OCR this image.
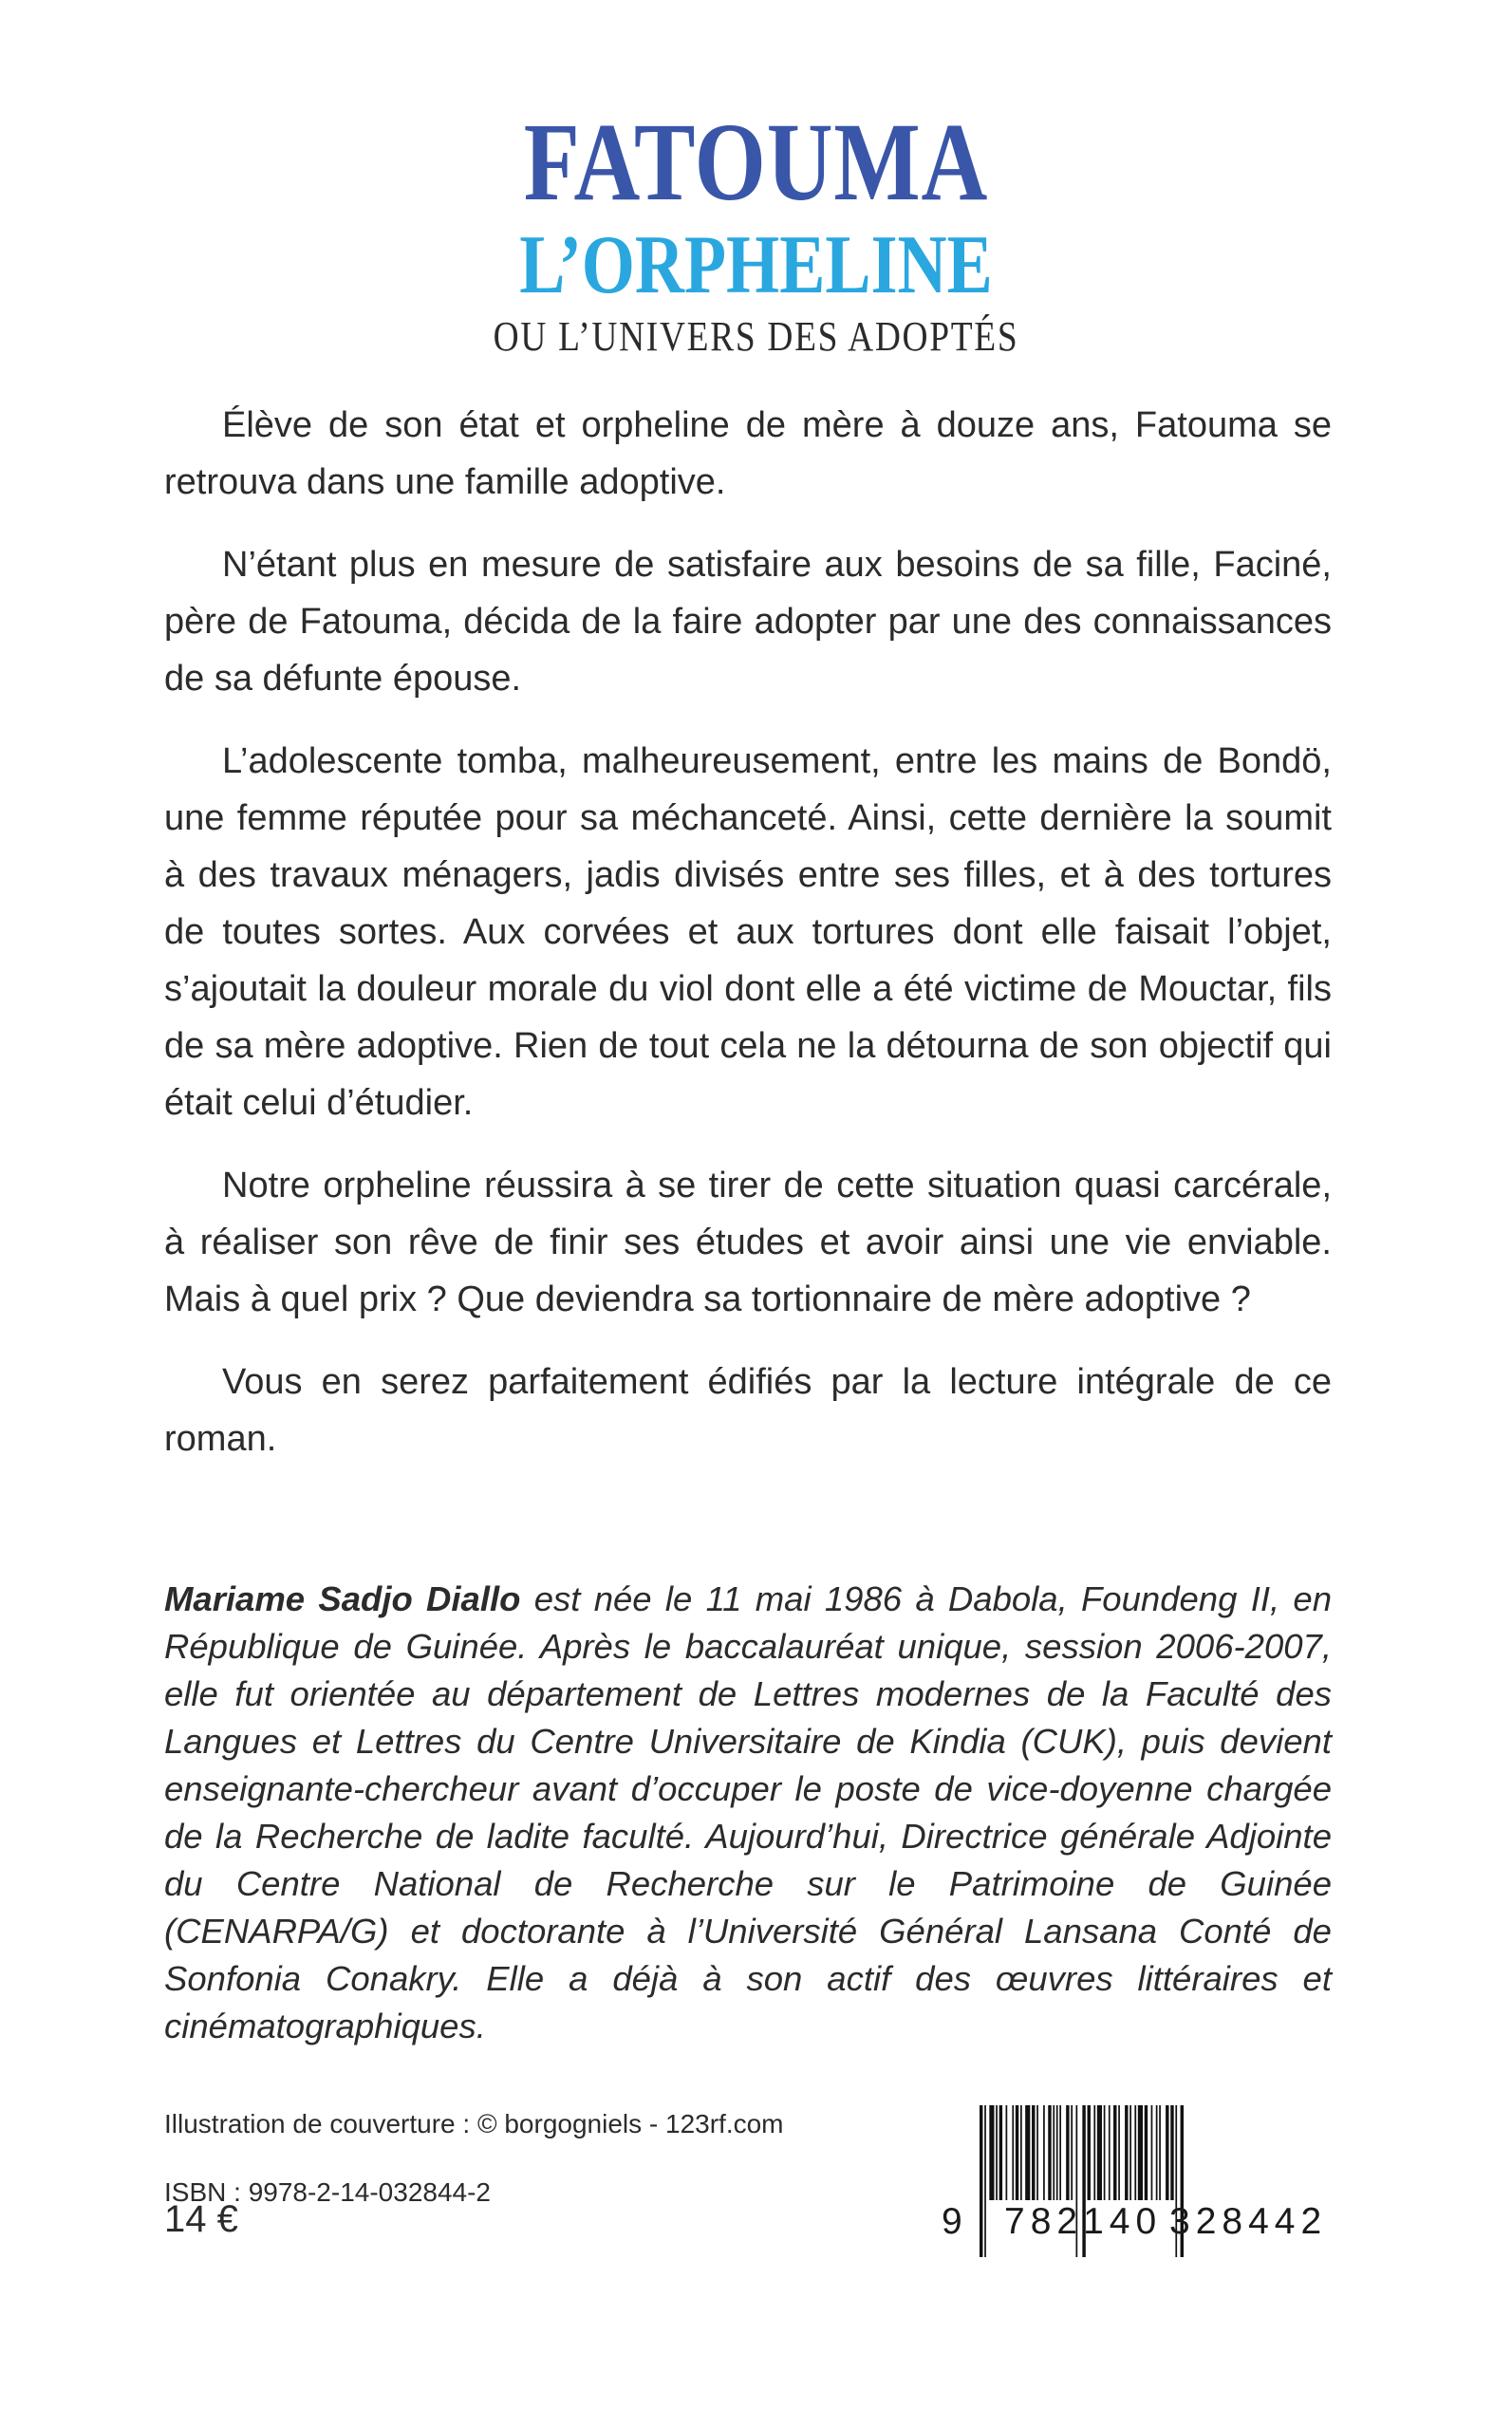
FATOUMA
L’ORPHELINE
OU L’UNIVERS DES ADOPTÉS

Élève de son état et orpheline de mère à douze ans, Fatouma se retrouva dans une famille adoptive.

N’étant plus en mesure de satisfaire aux besoins de sa fille, Faciné, père de Fatouma, décida de la faire adopter par une des connaissances de sa défunte épouse.

L’adolescente tomba, malheureusement, entre les mains de Bondö, une femme réputée pour sa méchanceté. Ainsi, cette dernière la soumit à des travaux ménagers, jadis divisés entre ses filles, et à des tortures de toutes sortes. Aux corvées et aux tortures dont elle faisait l’objet, s’ajoutait la douleur morale du viol dont elle a été victime de Mouctar, fils de sa mère adoptive. Rien de tout cela ne la détourna de son objectif qui était celui d’étudier.

Notre orpheline réussira à se tirer de cette situation quasi carcérale, à réaliser son rêve de finir ses études et avoir ainsi une vie enviable. Mais à quel prix ? Que deviendra sa tortionnaire de mère adoptive ?

Vous en serez parfaitement édifiés par la lecture intégrale de ce roman.

Mariame Sadjo Diallo est née le 11 mai 1986 à Dabola, Foundeng II, en République de Guinée. Après le baccalauréat unique, session 2006-2007, elle fut orientée au département de Lettres modernes de la Faculté des Langues et Lettres du Centre Universitaire de Kindia (CUK), puis devient enseignante-chercheur avant d’occuper le poste de vice-doyenne chargée de la Recherche de ladite faculté. Aujourd’hui, Directrice générale Adjointe du Centre National de Recherche sur le Patrimoine de Guinée (CENARPA/G) et doctorante à l’Université Général Lansana Conté de Sonfonia Conakry. Elle a déjà à son actif des œuvres littéraires et cinématographiques.
Illustration de couverture : © borgogniels - 123rf.com
ISBN : 9978-2-14-032844-2
14 €	9 782140 328442
